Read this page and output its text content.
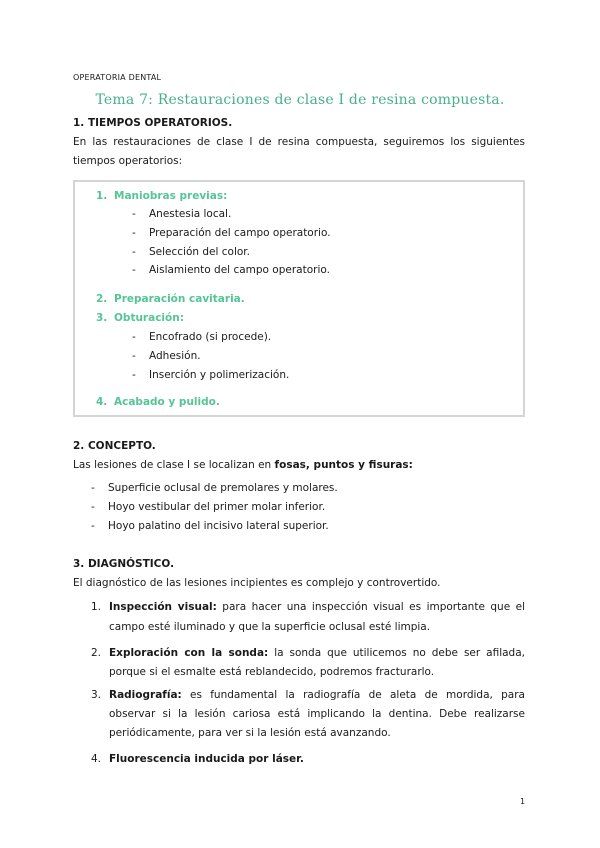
OPERATORIA DENTAL
Tema 7: Restauraciones de clase I de resina compuesta.
1. TIEMPOS OPERATORIOS.
En las restauraciones de clase I de resina compuesta, seguiremos los siguientes
tiempos operatorios:
1. Maniobras previas:
- Anestesia local.
- Preparación del campo operatorio.
- Selección del color.
- Aislamiento del campo operatorio.
2. Preparación cavitaria.
3. Obturación:
- Encofrado (si procede).
- Adhesión.
- Inserción y polimerización.
4. Acabado y pulido.
2. CONCEPTO.
Las lesiones de clase I se localizan en fosas, puntos y fisuras:
- Superficie oclusal de premolares y molares.
- Hoyo vestibular del primer molar inferior.
- Hoyo palatino del incisivo lateral superior.
3. DIAGNÓSTICO.
El diagnóstico de las lesiones incipientes es complejo y controvertido.
1. Inspección visual: para hacer una inspección visual es importante que el
campo esté iluminado y que la superficie oclusal esté limpia.
2. Exploración con la sonda: la sonda que utilicemos no debe ser afilada,
porque si el esmalte está reblandecido, podremos fracturarlo.
3. Radiografía: es fundamental la radiografía de aleta de mordida, para
observar si la lesión cariosa está implicando la dentina. Debe realizarse
periódicamente, para ver si la lesión está avanzando.
4. Fluorescencia inducida por láser.
1
